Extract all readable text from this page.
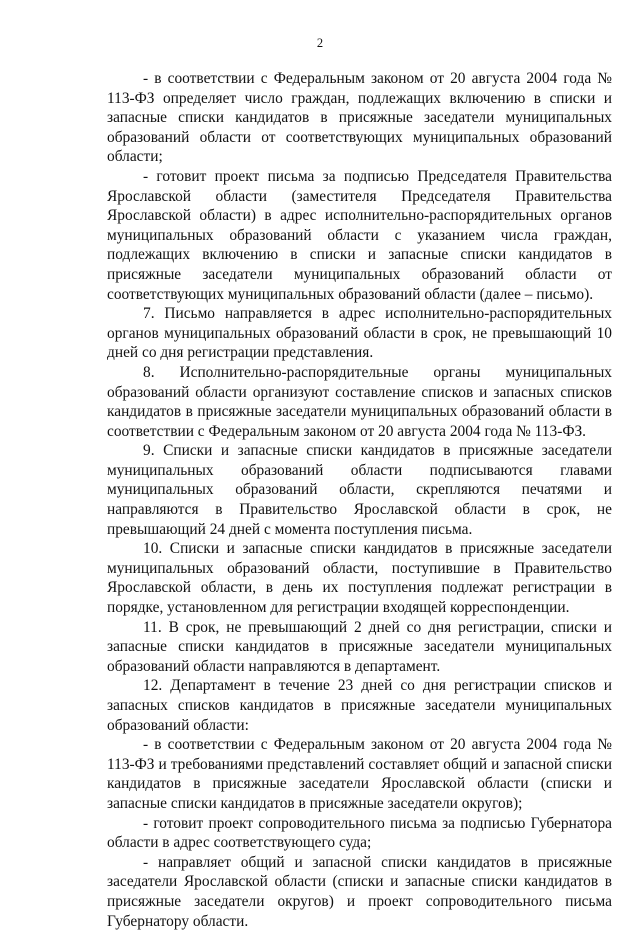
2

- в соответствии с Федеральным законом от 20 августа 2004 года № 113-ФЗ определяет число граждан, подлежащих включению в списки и запасные списки кандидатов в присяжные заседатели муниципальных образований области от соответствующих муниципальных образований области;

- готовит проект письма за подписью Председателя Правительства Ярославской области (заместителя Председателя Правительства Ярославской области) в адрес исполнительно-распорядительных органов муниципальных образований области с указанием числа граждан, подлежащих включению в списки и запасные списки кандидатов в присяжные заседатели муниципальных образований области от соответствующих муниципальных образований области (далее – письмо).

7. Письмо направляется в адрес исполнительно-распорядительных органов муниципальных образований области в срок, не превышающий 10 дней со дня регистрации представления.

8. Исполнительно-распорядительные органы муниципальных образований области организуют составление списков и запасных списков кандидатов в присяжные заседатели муниципальных образований области в соответствии с Федеральным законом от 20 августа 2004 года № 113-ФЗ.

9. Списки и запасные списки кандидатов в присяжные заседатели муниципальных образований области подписываются главами муниципальных образований области, скрепляются печатями и направляются в Правительство Ярославской области в срок, не превышающий 24 дней с момента поступления письма.

10. Списки и запасные списки кандидатов в присяжные заседатели муниципальных образований области, поступившие в Правительство Ярославской области, в день их поступления подлежат регистрации в порядке, установленном для регистрации входящей корреспонденции.

11. В срок, не превышающий 2 дней со дня регистрации, списки и запасные списки кандидатов в присяжные заседатели муниципальных образований области направляются в департамент.

12. Департамент в течение 23 дней со дня регистрации списков и запасных списков кандидатов в присяжные заседатели муниципальных образований области:

- в соответствии с Федеральным законом от 20 августа 2004 года № 113-ФЗ и требованиями представлений составляет общий и запасной списки кандидатов в присяжные заседатели Ярославской области (списки и запасные списки кандидатов в присяжные заседатели округов);

- готовит проект сопроводительного письма за подписью Губернатора области в адрес соответствующего суда;

- направляет общий и запасной списки кандидатов в присяжные заседатели Ярославской области (списки и запасные списки кандидатов в присяжные заседатели округов) и проект сопроводительного письма Губернатору области.
